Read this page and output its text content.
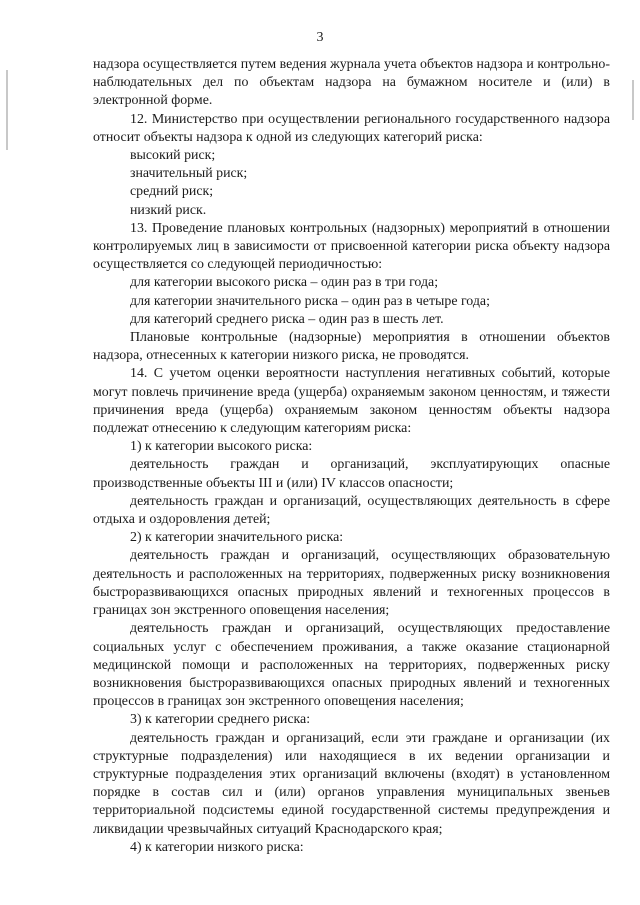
3

надзора осуществляется путем ведения журнала учета объектов надзора и контрольно-наблюдательных дел по объектам надзора на бумажном носителе и (или) в электронной форме.

12. Министерство при осуществлении регионального государственного надзора относит объекты надзора к одной из следующих категорий риска:

высокий риск;

значительный риск;

средний риск;

низкий риск.

13. Проведение плановых контрольных (надзорных) мероприятий в отношении контролируемых лиц в зависимости от присвоенной категории риска объекту надзора осуществляется со следующей периодичностью:

для категории высокого риска – один раз в три года;

для категории значительного риска – один раз в четыре года;

для категорий среднего риска – один раз в шесть лет.

Плановые контрольные (надзорные) мероприятия в отношении объектов надзора, отнесенных к категории низкого риска, не проводятся.

14. С учетом оценки вероятности наступления негативных событий, которые могут повлечь причинение вреда (ущерба) охраняемым законом ценностям, и тяжести причинения вреда (ущерба) охраняемым законом ценностям объекты надзора подлежат отнесению к следующим категориям риска:

1) к категории высокого риска:

деятельность граждан и организаций, эксплуатирующих опасные производственные объекты III и (или) IV классов опасности;

деятельность граждан и организаций, осуществляющих деятельность в сфере отдыха и оздоровления детей;

2) к категории значительного риска:

деятельность граждан и организаций, осуществляющих образовательную деятельность и расположенных на территориях, подверженных риску возникновения быстроразвивающихся опасных природных явлений и техногенных процессов в границах зон экстренного оповещения населения;

деятельность граждан и организаций, осуществляющих предоставление социальных услуг с обеспечением проживания, а также оказание стационарной медицинской помощи и расположенных на территориях, подверженных риску возникновения быстроразвивающихся опасных природных явлений и техногенных процессов в границах зон экстренного оповещения населения;

3) к категории среднего риска:

деятельность граждан и организаций, если эти граждане и организации (их структурные подразделения) или находящиеся в их ведении организации и структурные подразделения этих организаций включены (входят) в установленном порядке в состав сил и (или) органов управления муниципальных звеньев территориальной подсистемы единой государственной системы предупреждения и ликвидации чрезвычайных ситуаций Краснодарского края;

4) к категории низкого риска:
